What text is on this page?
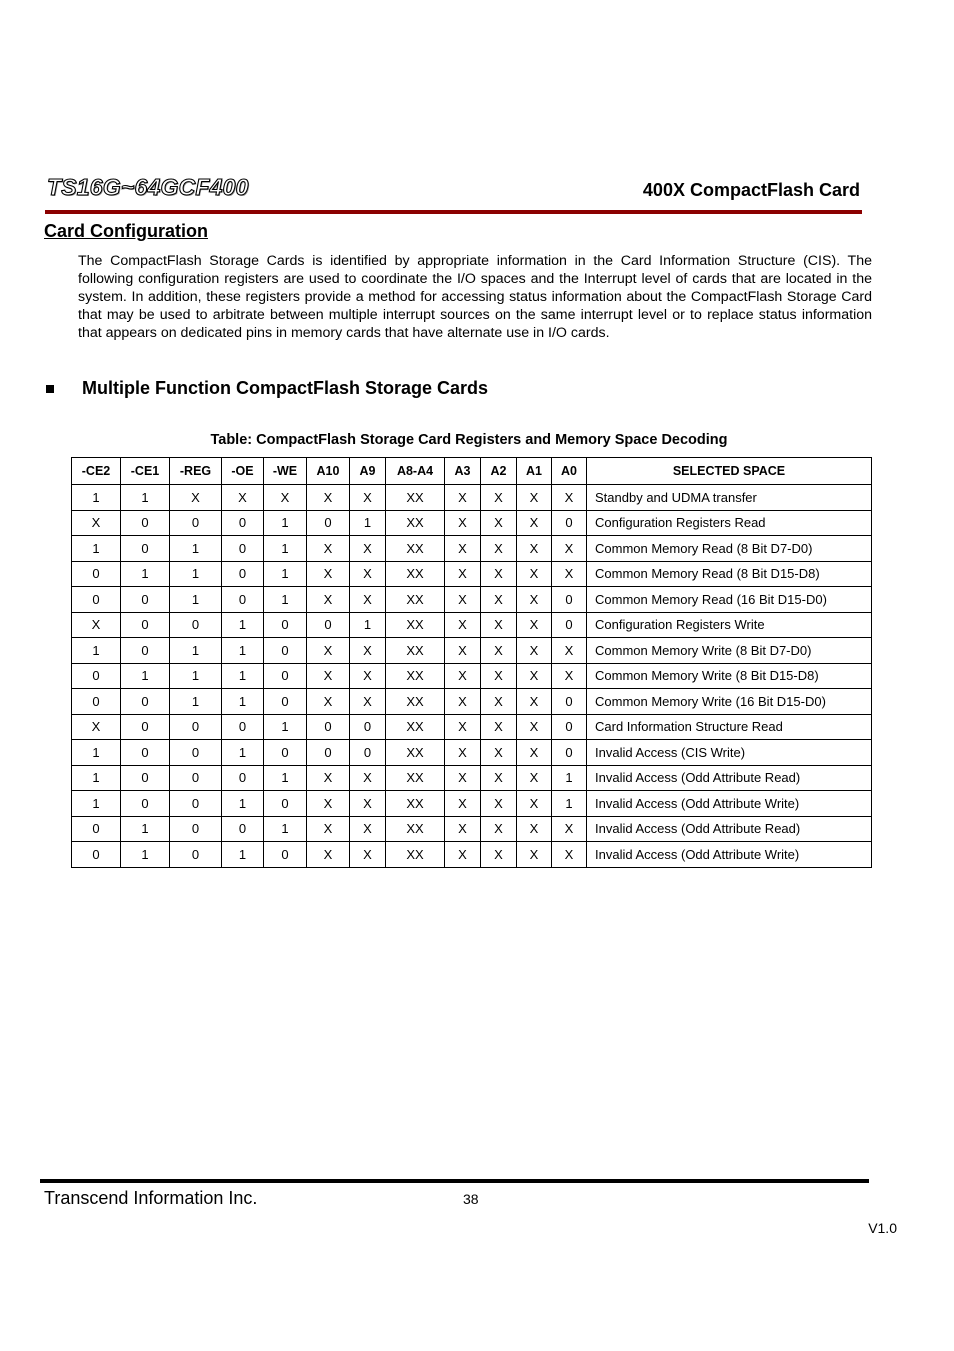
TS16G~64GCF400	400X CompactFlash Card
Card Configuration

The CompactFlash Storage Cards is identified by appropriate information in the Card Information Structure (CIS). The following configuration registers are used to coordinate the I/O spaces and the Interrupt level of cards that are located in the system. In addition, these registers provide a method for accessing status information about the CompactFlash Storage Card that may be used to arbitrate between multiple interrupt sources on the same interrupt level or to replace status information that appears on dedicated pins in memory cards that have alternate use in I/O cards.

Multiple Function CompactFlash Storage Cards
Table: CompactFlash Storage Card Registers and Memory Space Decoding
-CE2	-CE1	-REG	-OE	-WE	A10	A9	A8-A4	A3	A2	A1	A0	SELECTED SPACE
1	1	X	X	X	X	X	XX	X	X	X	X	Standby and UDMA transfer
X	0	0	0	1	0	1	XX	X	X	X	0	Configuration Registers Read
1	0	1	0	1	X	X	XX	X	X	X	X	Common Memory Read (8 Bit D7-D0)
0	1	1	0	1	X	X	XX	X	X	X	X	Common Memory Read (8 Bit D15-D8)
0	0	1	0	1	X	X	XX	X	X	X	0	Common Memory Read (16 Bit D15-D0)
X	0	0	1	0	0	1	XX	X	X	X	0	Configuration Registers Write
1	0	1	1	0	X	X	XX	X	X	X	X	Common Memory Write (8 Bit D7-D0)
0	1	1	1	0	X	X	XX	X	X	X	X	Common Memory Write (8 Bit D15-D8)
0	0	1	1	0	X	X	XX	X	X	X	0	Common Memory Write (16 Bit D15-D0)
X	0	0	0	1	0	0	XX	X	X	X	0	Card Information Structure Read
1	0	0	1	0	0	0	XX	X	X	X	0	Invalid Access (CIS Write)
1	0	0	0	1	X	X	XX	X	X	X	1	Invalid Access (Odd Attribute Read)
1	0	0	1	0	X	X	XX	X	X	X	1	Invalid Access (Odd Attribute Write)
0	1	0	0	1	X	X	XX	X	X	X	X	Invalid Access (Odd Attribute Read)
0	1	0	1	0	X	X	XX	X	X	X	X	Invalid Access (Odd Attribute Write)
Transcend Information Inc.	38
V1.0
